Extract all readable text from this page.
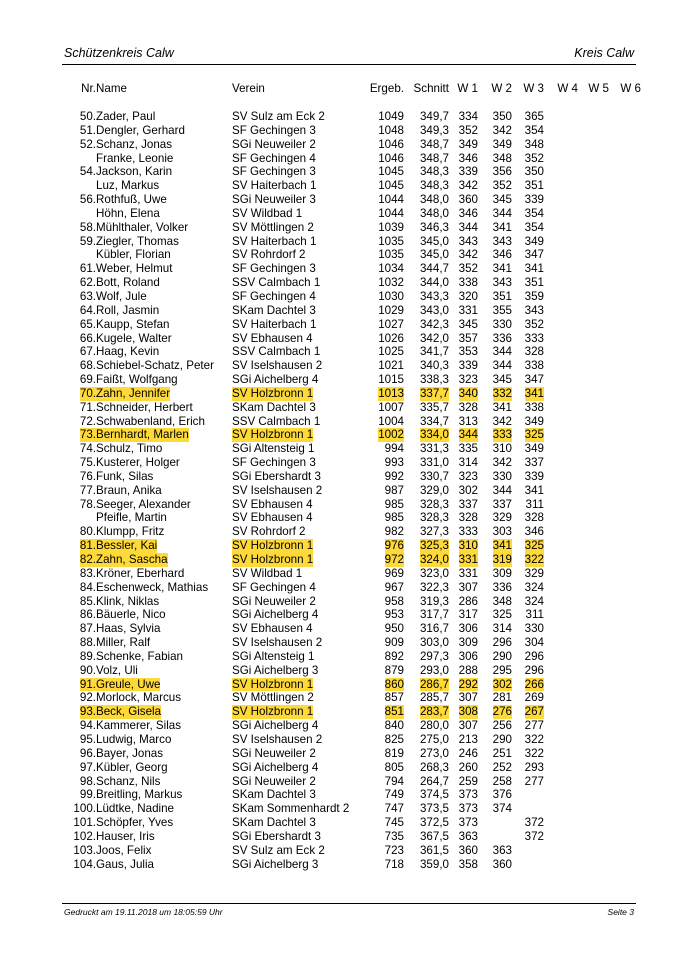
Schützenkreis Calw	Kreis Calw
Nr. Name	Verein	Ergeb. Schnitt W 1 W 2 W 3 W 4 W 5 W 6
50. Zader, Paul	SV Sulz am Eck 2	1049 349,7 334 350 365
51. Dengler, Gerhard	SF Gechingen 3	1048 349,3 352 342 354
52. Schanz, Jonas	SGi Neuweiler 2	1046 348,7 349 349 348
Franke, Leonie	SF Gechingen 4	1046 348,7 346 348 352
54. Jackson, Karin	SF Gechingen 3	1045 348,3 339 356 350
Luz, Markus	SV Haiterbach 1	1045 348,3 342 352 351
56. Rothfuß, Uwe	SGi Neuweiler 3	1044 348,0 360 345 339
Höhn, Elena	SV Wildbad 1	1044 348,0 346 344 354
58. Mühlthaler, Volker	SV Möttlingen 2	1039 346,3 344 341 354
59. Ziegler, Thomas	SV Haiterbach 1	1035 345,0 343 343 349
Kübler, Florian	SV Rohrdorf 2	1035 345,0 342 346 347
61. Weber, Helmut	SF Gechingen 3	1034 344,7 352 341 341
62. Bott, Roland	SSV Calmbach 1	1032 344,0 338 343 351
63. Wolf, Jule	SF Gechingen 4	1030 343,3 320 351 359
64. Roll, Jasmin	SKam Dachtel 3	1029 343,0 331 355 343
65. Kaupp, Stefan	SV Haiterbach 1	1027 342,3 345 330 352
66. Kugele, Walter	SV Ebhausen 4	1026 342,0 357 336 333
67. Haag, Kevin	SSV Calmbach 1	1025 341,7 353 344 328
68. Schiebel-Schatz, Peter SV Iselshausen 2	1021 340,3 339 344 338
69. Faißt, Wolfgang	SGi Aichelberg 4	1015 338,3 323 345 347
70. Zahn, Jennifer	SV Holzbronn 1	1013 337,7 340 332 341
71. Schneider, Herbert	SKam Dachtel 3	1007 335,7 328 341 338
72. Schwabenland, Erich SSV Calmbach 1	1004 334,7 313 342 349
73. Bernhardt, Marlen	SV Holzbronn 1	1002 334,0 344 333 325
74. Schulz, Timo	SGi Altensteig 1	994 331,3 335 310 349
75. Kusterer, Holger	SF Gechingen 3	993 331,0 314 342 337
76. Funk, Silas	SGi Ebershardt 3	992 330,7 323 330 339
77. Braun, Anika	SV Iselshausen 2	987 329,0 302 344 341
78. Seeger, Alexander	SV Ebhausen 4	985 328,3 337 337 311
Pfeifle, Martin	SV Ebhausen 4	985 328,3 328 329 328
80. Klumpp, Fritz	SV Rohrdorf 2	982 327,3 333 303 346
81. Bessler, Kai	SV Holzbronn 1	976 325,3 310 341 325
82. Zahn, Sascha	SV Holzbronn 1	972 324,0 331 319 322
83. Kröner, Eberhard	SV Wildbad 1	969 323,0 331 309 329
84. Eschenweck, Mathias SF Gechingen 4	967 322,3 307 336 324
85. Klink, Niklas	SGi Neuweiler 2	958 319,3 286 348 324
86. Bäuerle, Nico	SGi Aichelberg 4	953 317,7 317 325 311
87. Haas, Sylvia	SV Ebhausen 4	950 316,7 306 314 330
88. Miller, Ralf	SV Iselshausen 2	909 303,0 309 296 304
89. Schenke, Fabian	SGi Altensteig 1	892 297,3 306 290 296
90. Volz, Uli	SGi Aichelberg 3	879 293,0 288 295 296
91. Greule, Uwe	SV Holzbronn 1	860 286,7 292 302 266
92. Morlock, Marcus	SV Möttlingen 2	857 285,7 307 281 269
93. Beck, Gisela	SV Holzbronn 1	851 283,7 308 276 267
94. Kammerer, Silas	SGi Aichelberg 4	840 280,0 307 256 277
95. Ludwig, Marco	SV Iselshausen 2	825 275,0 213 290 322
96. Bayer, Jonas	SGi Neuweiler 2	819 273,0 246 251 322
97. Kübler, Georg	SGi Aichelberg 4	805 268,3 260 252 293
98. Schanz, Nils	SGi Neuweiler 2	794 264,7 259 258 277
99. Breitling, Markus	SKam Dachtel 3	749 374,5 373 376
100. Lüdtke, Nadine	SKam Sommenhardt 2	747 373,5 373 374
101. Schöpfer, Yves	SKam Dachtel 3	745 372,5 373	372
102. Hauser, Iris	SGi Ebershardt 3	735 367,5 363	372
103. Joos, Felix	SV Sulz am Eck 2	723 361,5 360 363
104. Gaus, Julia	SGi Aichelberg 3	718 359,0 358 360
Gedruckt am 19.11.2018 um 18:05:59 Uhr	Seite 3
